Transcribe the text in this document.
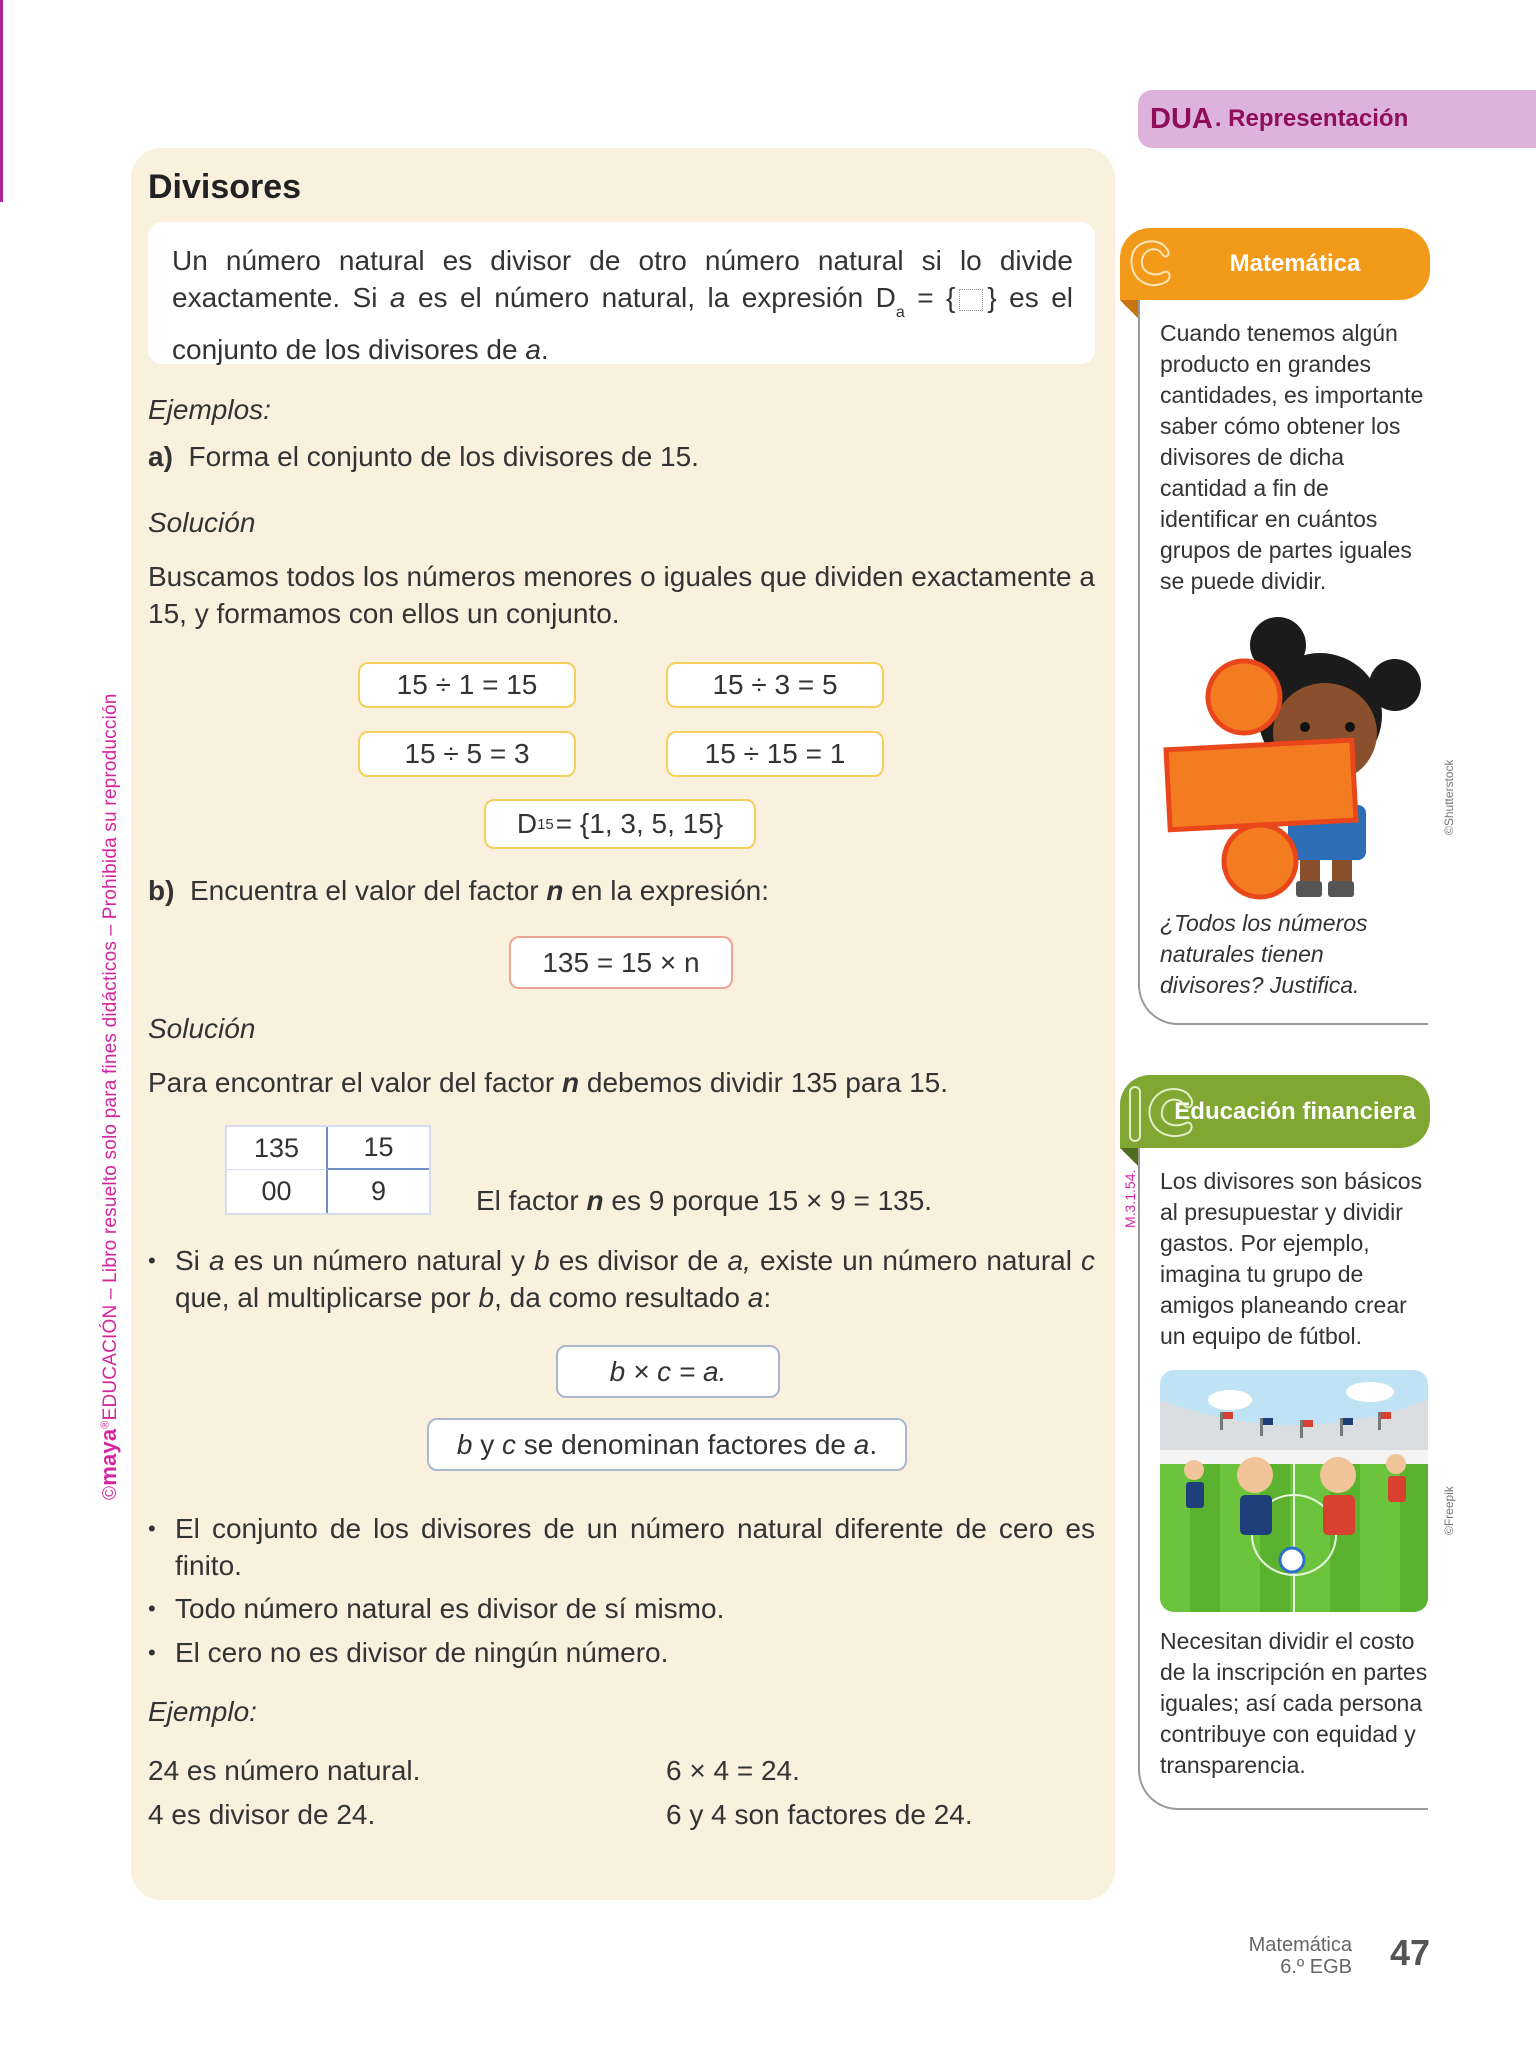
©maya®EDUCACIÓN – Libro resuelto solo para fines didácticos – Prohibida su reproducción
Divisores
Un número natural es divisor de otro número natural si lo divide exactamente. Si a es el número natural, la expresión $D_a$ = { } es el conjunto de los divisores de a.
Ejemplos:
a) Forma el conjunto de los divisores de 15.
Solución
Buscamos todos los números menores o iguales que dividen exactamente a 15, y formamos con ellos un conjunto.
15 ÷ 1 = 15	15 ÷ 3 = 5
15 ÷ 5 = 3	15 ÷ 15 = 1
D 15 = {1, 3, 5, 15}
b) Encuentra el valor del factor n en la expresión:
135 = 15 × n
Solución
Para encontrar el valor del factor n debemos dividir 135 para 15.
135	15
00	9	El factor n es 9 porque 15 × 9 = 135.
• Si a es un número natural y b es divisor de a, existe un número natural c que, al multiplicarse por b, da como resultado a:
b × c = a.
b y c se denominan factores de a .
• El conjunto de los divisores de un número natural diferente de cero es finito.
• Todo número natural es divisor de sí mismo.
• El cero no es divisor de ningún número.
Ejemplo:
24 es número natural.	6 × 4 = 24.
4 es divisor de 24.	6 y 4 son factores de 24.
DUA . Representación
Matemática
Cuando tenemos algún producto en grandes cantidades, es importante saber cómo obtener los divisores de dicha cantidad a fin de identificar en cuántos grupos de partes iguales se puede dividir.
©Shutterstock
¿Todos los números naturales tienen divisores? Justifica.
Educación financiera
M.3.1.54. Los divisores son básicos al presupuestar y dividir gastos. Por ejemplo, imagina tu grupo de amigos planeando crear un equipo de fútbol.
©Freepik
Necesitan dividir el costo de la inscripción en partes iguales; así cada persona contribuye con equidad y transparencia.
Matemática
6.º EGB 47
